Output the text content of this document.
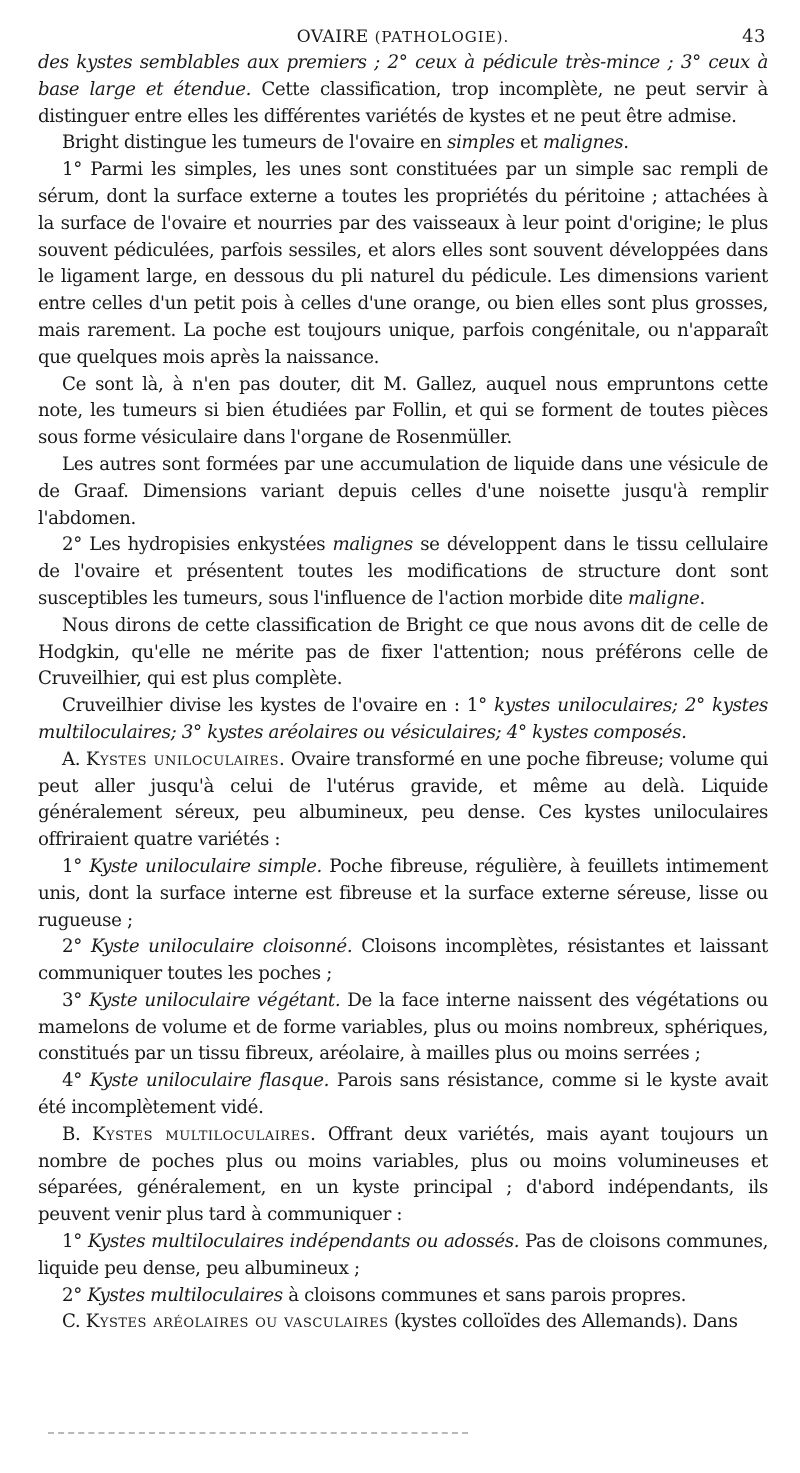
OVAIRE (PATHOLOGIE).	43

des kystes semblables aux premiers ; 2° ceux à pédicule très-mince ; 3° ceux à base large et étendue. Cette classification, trop incomplète, ne peut servir à distinguer entre elles les différentes variétés de kystes et ne peut être admise.

Bright distingue les tumeurs de l'ovaire en simples et malignes.

1° Parmi les simples, les unes sont constituées par un simple sac rempli de sérum, dont la surface externe a toutes les propriétés du péritoine ; attachées à la surface de l'ovaire et nourries par des vaisseaux à leur point d'origine; le plus souvent pédiculées, parfois sessiles, et alors elles sont souvent développées dans le ligament large, en dessous du pli naturel du pédicule. Les dimensions varient entre celles d'un petit pois à celles d'une orange, ou bien elles sont plus grosses, mais rarement. La poche est toujours unique, parfois congénitale, ou n'apparaît que quelques mois après la naissance.

Ce sont là, à n'en pas douter, dit M. Gallez, auquel nous empruntons cette note, les tumeurs si bien étudiées par Follin, et qui se forment de toutes pièces sous forme vésiculaire dans l'organe de Rosenmüller.

Les autres sont formées par une accumulation de liquide dans une vésicule de de Graaf. Dimensions variant depuis celles d'une noisette jusqu'à remplir l'abdomen.

2° Les hydropisies enkystées malignes se développent dans le tissu cellulaire de l'ovaire et présentent toutes les modifications de structure dont sont susceptibles les tumeurs, sous l'influence de l'action morbide dite maligne.

Nous dirons de cette classification de Bright ce que nous avons dit de celle de Hodgkin, qu'elle ne mérite pas de fixer l'attention; nous préférons celle de Cruveilhier, qui est plus complète.

Cruveilhier divise les kystes de l'ovaire en : 1° kystes uniloculaires; 2° kystes multiloculaires; 3° kystes aréolaires ou vésiculaires; 4° kystes composés.

A. Kystes uniloculaires. Ovaire transformé en une poche fibreuse; volume qui peut aller jusqu'à celui de l'utérus gravide, et même au delà. Liquide généralement séreux, peu albumineux, peu dense. Ces kystes uniloculaires offriraient quatre variétés :

1° Kyste uniloculaire simple. Poche fibreuse, régulière, à feuillets intimement unis, dont la surface interne est fibreuse et la surface externe séreuse, lisse ou rugueuse ;

2° Kyste uniloculaire cloisonné. Cloisons incomplètes, résistantes et laissant communiquer toutes les poches ;

3° Kyste uniloculaire végétant. De la face interne naissent des végétations ou mamelons de volume et de forme variables, plus ou moins nombreux, sphériques, constitués par un tissu fibreux, aréolaire, à mailles plus ou moins serrées ;

4° Kyste uniloculaire flasque. Parois sans résistance, comme si le kyste avait été incomplètement vidé.

B. Kystes multiloculaires. Offrant deux variétés, mais ayant toujours un nombre de poches plus ou moins variables, plus ou moins volumineuses et séparées, généralement, en un kyste principal ; d'abord indépendants, ils peuvent venir plus tard à communiquer :

1° Kystes multiloculaires indépendants ou adossés. Pas de cloisons communes, liquide peu dense, peu albumineux ;

2° Kystes multiloculaires à cloisons communes et sans parois propres.

C. Kystes aréolaires ou vasculaires (kystes colloïdes des Allemands). Dans
